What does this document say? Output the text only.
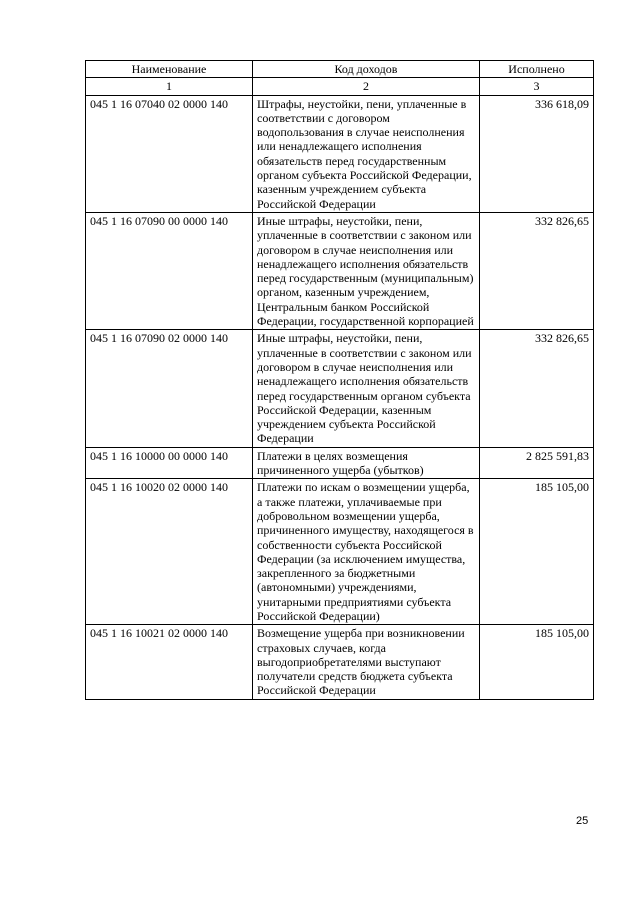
Наименование	Код доходов	Исполнено
1	2	3
045 1 16 07040 02 0000 140	Штрафы, неустойки, пени, уплаченные в соответствии с договором водопользования в случае неисполнения или ненадлежащего исполнения обязательств перед государственным органом субъекта Российской Федерации, казенным учреждением субъекта Российской Федерации	336 618,09
045 1 16 07090 00 0000 140	Иные штрафы, неустойки, пени, уплаченные в соответствии с законом или договором в случае неисполнения или ненадлежащего исполнения обязательств перед государственным (муниципальным) органом, казенным учреждением, Центральным банком Российской Федерации, государственной корпорацией	332 826,65
045 1 16 07090 02 0000 140	Иные штрафы, неустойки, пени, уплаченные в соответствии с законом или договором в случае неисполнения или ненадлежащего исполнения обязательств перед государственным органом субъекта Российской Федерации, казенным учреждением субъекта Российской Федерации	332 826,65
045 1 16 10000 00 0000 140	Платежи в целях возмещения причиненного ущерба (убытков)	2 825 591,83
045 1 16 10020 02 0000 140	Платежи по искам о возмещении ущерба, а также платежи, уплачиваемые при добровольном возмещении ущерба, причиненного имуществу, находящегося в собственности субъекта Российской Федерации (за исключением имущества, закрепленного за бюджетными (автономными) учреждениями, унитарными предприятиями субъекта Российской Федерации)	185 105,00
045 1 16 10021 02 0000 140	Возмещение ущерба при возникновении страховых случаев, когда выгодоприобретателями выступают получатели средств бюджета субъекта Российской Федерации	185 105,00
25
